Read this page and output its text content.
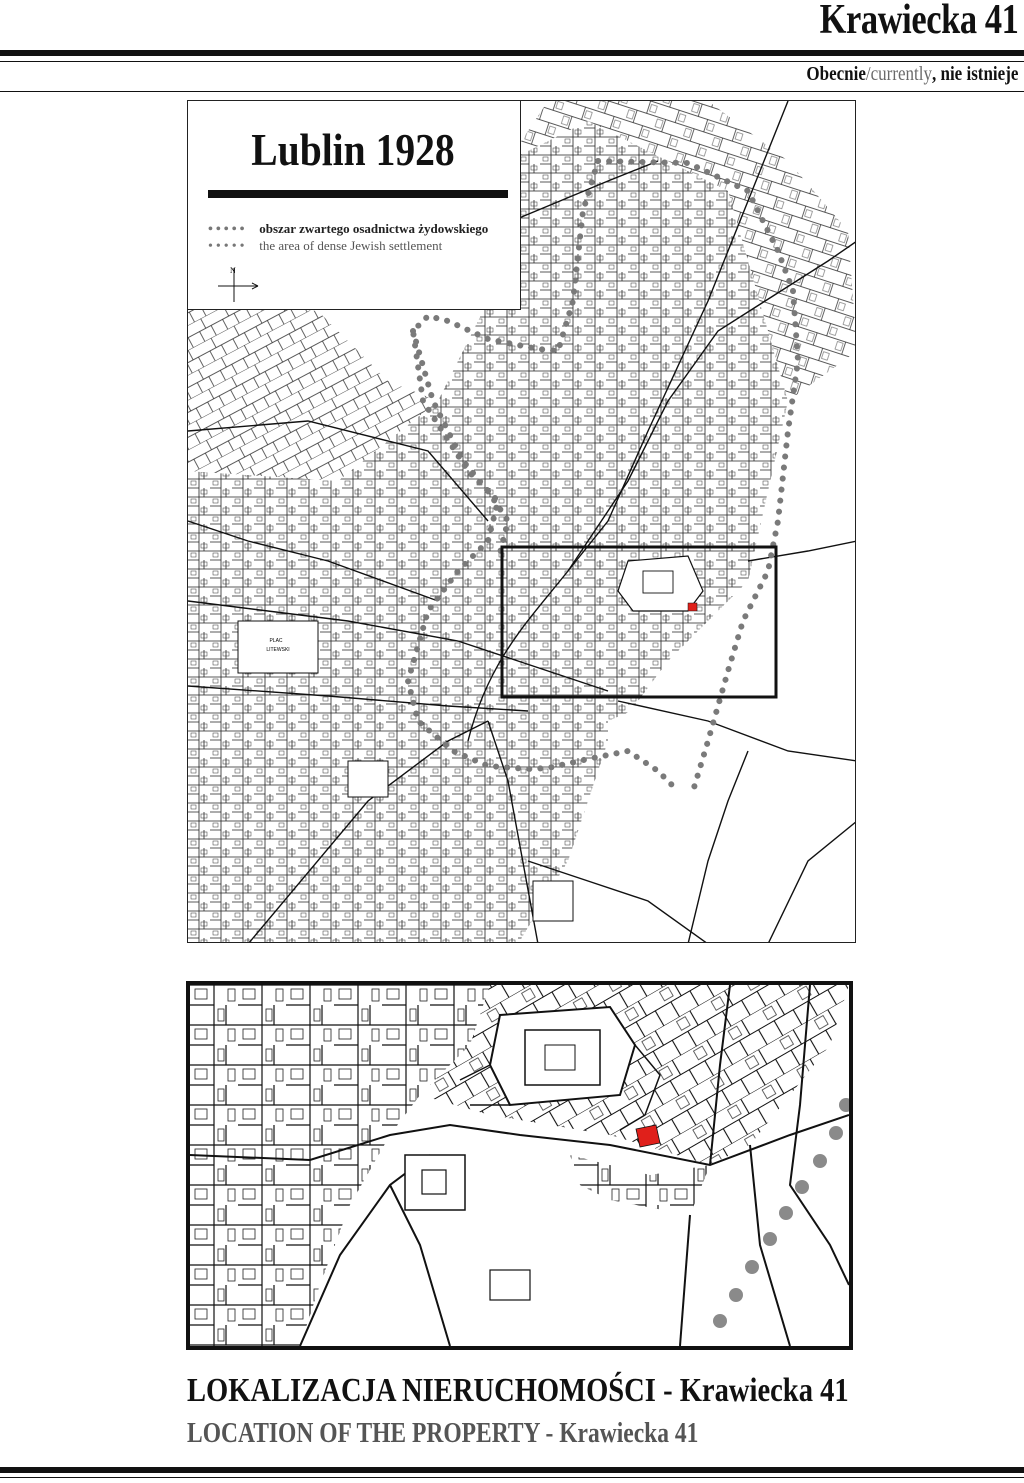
Krawiecka 41

Obecnie/currently, nie istnieje

PLAC
LITEWSKI
Lublin 1928
••••• obszar zwartego osadnictwa żydowskiego
••••• the area of dense Jewish settlement
N

LOKALIZACJA NIERUCHOMOŚCI - Krawiecka 41

LOCATION OF THE PROPERTY - Krawiecka 41
